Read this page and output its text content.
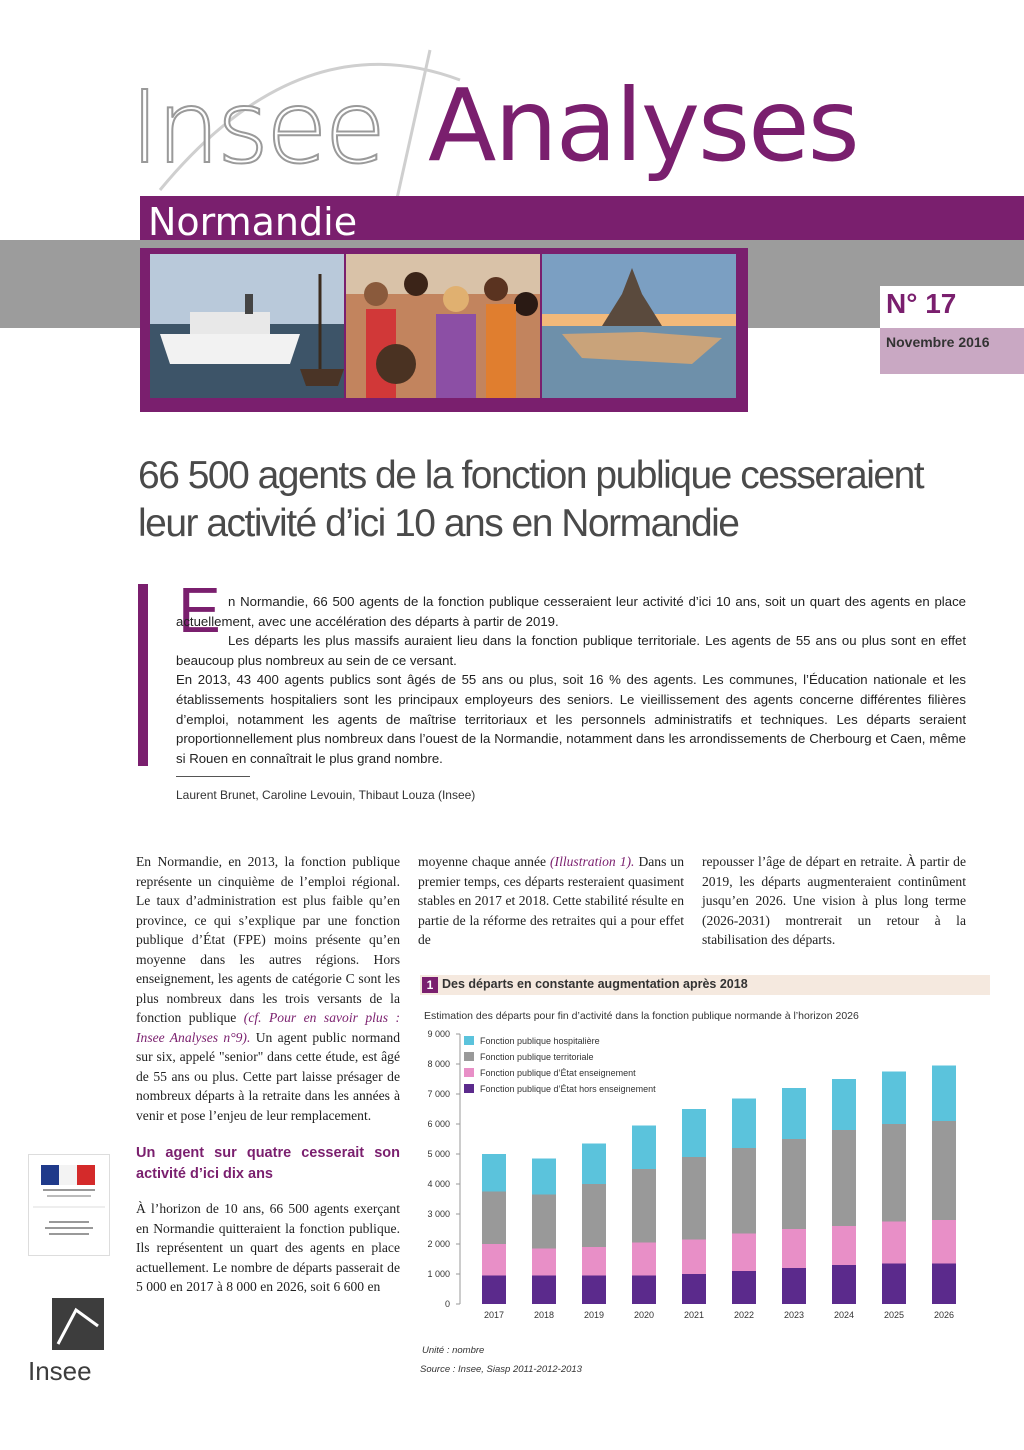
Insee Analyses
Normandie
N° 17
Novembre 2016
66 500 agents de la fonction publique cesseraient
leur activité d’ici 10 ans en Normandie
E n Normandie, 66 500 agents de la fonction publique cesseraient leur activité d’ici 10 ans, soit un quart des agents en place actuellement, avec une accélération des départs à partir de 2019.

Les départs les plus massifs auraient lieu dans la fonction publique territoriale. Les agents de 55 ans ou plus sont en effet beaucoup plus nombreux au sein de ce versant.

En 2013, 43 400 agents publics sont âgés de 55 ans ou plus, soit 16 % des agents. Les communes, l’Éducation nationale et les établissements hospitaliers sont les principaux employeurs des seniors. Le vieillissement des agents concerne différentes filières d’emploi, notamment les agents de maîtrise territoriaux et les personnels administratifs et techniques. Les départs seraient proportionnellement plus nombreux dans l’ouest de la Normandie, notamment dans les arrondissements de Cherbourg et Caen, même si Rouen en connaîtrait le plus grand nombre.

Laurent Brunet, Caroline Levouin, Thibaut Louza (Insee)

En Normandie, en 2013, la fonction publique représente un cinquième de l’emploi régional. Le taux d’administration est plus faible qu’en province, ce qui s’explique par une fonction publique d’État (FPE) moins présente qu’en moyenne dans les autres régions. Hors enseignement, les agents de catégorie C sont les plus nombreux dans les trois versants de la fonction publique (cf. Pour en savoir plus : Insee Analyses n°9). Un agent public normand sur six, appelé "senior" dans cette étude, est âgé de 55 ans ou plus. Cette part laisse présager de nombreux départs à la retraite dans les années à venir et pose l’enjeu de leur remplacement.

Un agent sur quatre cesserait son activité d’ici dix ans

À l’horizon de 10 ans, 66 500 agents exerçant en Normandie quitteraient la fonction publique. Ils représentent un quart des agents en place actuellement. Le nombre de départs passerait de 5 000 en 2017 à 8 000 en 2026, soit 6 600 en

moyenne chaque année (Illustration 1). Dans un premier temps, ces départs resteraient quasiment stables en 2017 et 2018. Cette stabilité résulte en partie de la réforme des retraites qui a pour effet de

repousser l’âge de départ en retraite. À partir de 2019, les départs augmenteraient continûment jusqu’en 2026. Une vision à plus long terme (2026-2031) montrerait un retour à la stabilisation des départs.

1 Des départs en constante augmentation après 2018
Estimation des départs pour fin d’activité dans la fonction publique normande à l’horizon 2026
0
1 000
2 000
3 000
4 000
5 000
6 000
7 000
8 000
9 000
2017	2018	2019	2020	2021	2022	2023	2024	2025	2026
Fonction publique hospitalière
Fonction publique territoriale
Fonction publique d’État enseignement
Fonction publique d’État hors enseignement
Unité : nombre
Source : Insee, Siasp 2011-2012-2013
Insee
